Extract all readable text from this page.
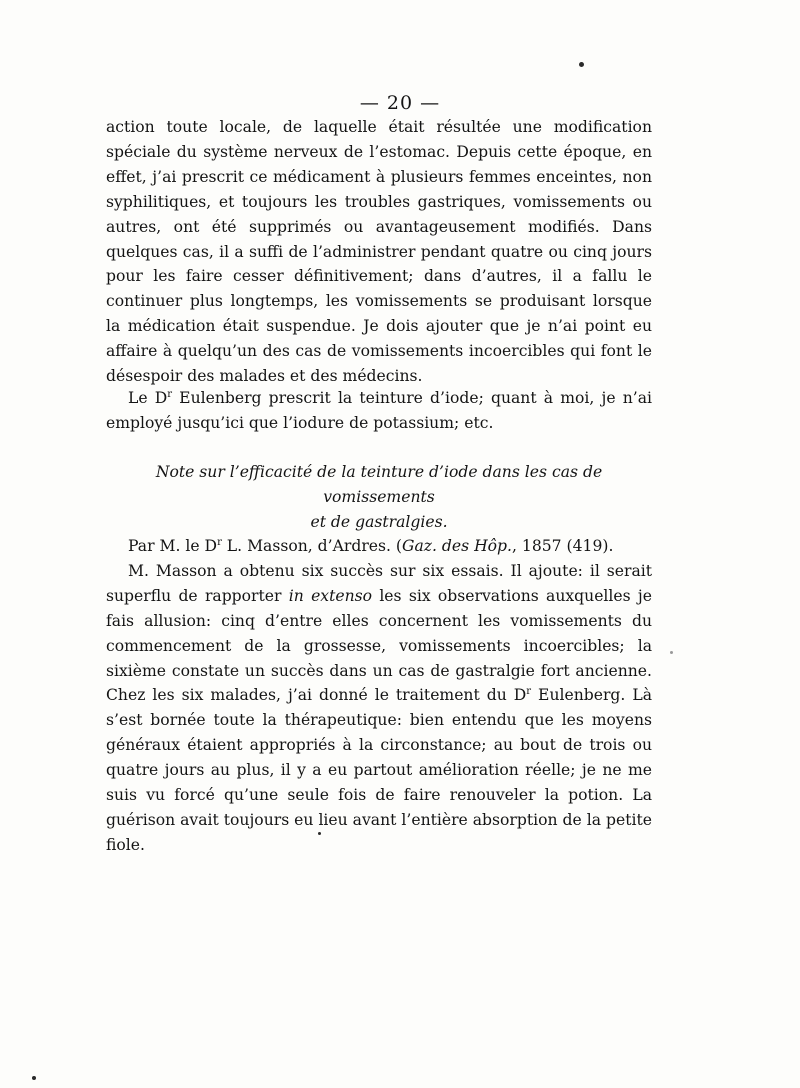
— 20 —

action toute locale, de laquelle était résultée une modification spéciale du système nerveux de l’estomac. Depuis cette époque, en effet, j’ai prescrit ce médicament à plusieurs femmes enceintes, non syphilitiques, et toujours les troubles gastriques, vomissements ou autres, ont été supprimés ou avantageusement modifiés. Dans quelques cas, il a suffi de l’administrer pendant quatre ou cinq jours pour les faire cesser définitivement; dans d’autres, il a fallu le continuer plus longtemps, les vomissements se produisant lorsque la médication était suspendue. Je dois ajouter que je n’ai point eu affaire à quelqu’un des cas de vomissements incoercibles qui font le désespoir des malades et des médecins.

Le $D^r$ Eulenberg prescrit la teinture d’iode; quant à moi, je n’ai employé jusqu’ici que l’iodure de potassium; etc.

Note sur l’efficacité de la teinture d’iode dans les cas de vomissements
et de gastralgies.

Par M. le $D^r$ L. Masson, d’Ardres. (Gaz. des Hôp., 1857 (419).

M. Masson a obtenu six succès sur six essais. Il ajoute: il serait superflu de rapporter in extenso les six observations auxquelles je fais allusion: cinq d’entre elles concernent les vomissements du commencement de la grossesse, vomissements incoercibles; la sixième constate un succès dans un cas de gastralgie fort ancienne. Chez les six malades, j’ai donné le traitement du $D^r$ Eulenberg. Là s’est bornée toute la thérapeutique: bien entendu que les moyens généraux étaient appropriés à la circonstance; au bout de trois ou quatre jours au plus, il y a eu partout amélioration réelle; je ne me suis vu forcé qu’une seule fois de faire renouveler la potion. La guérison avait toujours eu lieu avant l’entière absorption de la petite fiole.
